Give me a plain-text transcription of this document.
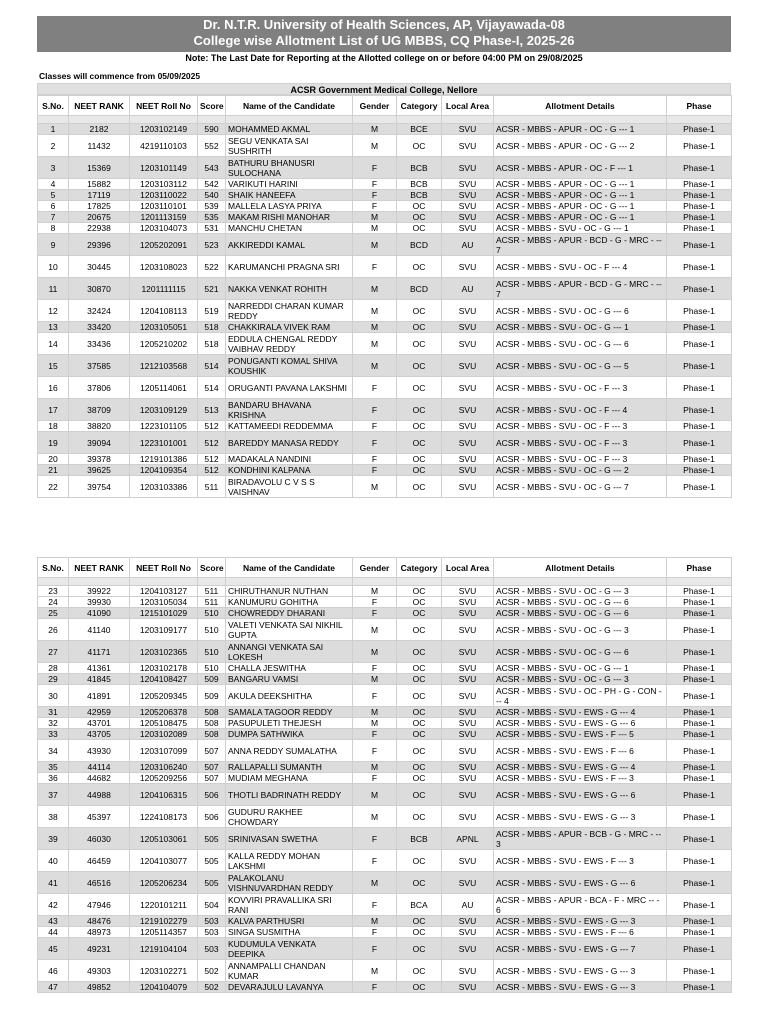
Dr. N.T.R. University of Health Sciences, AP, Vijayawada-08
College wise Allotment List of UG MBBS, CQ Phase-I, 2025-26
Note: The Last Date for Reporting at the Allotted college on or before 04:00 PM on 29/08/2025
Classes will commence from 05/09/2025
ACSR Government Medical College, Nellore
S.No.	NEET RANK	NEET Roll No	Score	Name of the Candidate	Gender	Category	Local Area	Allotment Details	Phase

1	2182	1203102149	590	MOHAMMED AKMAL	M	BCE	SVU	ACSR - MBBS - APUR - OC - G --- 1	Phase-1
2	11432	4219110103	552	SEGU VENKATA SAI SUSHRITH	M	OC	SVU	ACSR - MBBS - APUR - OC - G --- 2	Phase-1
3	15369	1203101149	543	BATHURU BHANUSRI SULOCHANA	F	BCB	SVU	ACSR - MBBS - APUR - OC - F --- 1	Phase-1
4	15882	1203103112	542	VARIKUTI HARINI	F	BCB	SVU	ACSR - MBBS - APUR - OC - G --- 1	Phase-1
5	17119	1203110022	540	SHAIK HANEEFA	F	BCB	SVU	ACSR - MBBS - APUR - OC - G --- 1	Phase-1
6	17825	1203110101	539	MALLELA LASYA PRIYA	F	OC	SVU	ACSR - MBBS - APUR - OC - G --- 1	Phase-1
7	20675	1201113159	535	MAKAM RISHI MANOHAR	M	OC	SVU	ACSR - MBBS - APUR - OC - G --- 1	Phase-1
8	22938	1203104073	531	MANCHU CHETAN	M	OC	SVU	ACSR - MBBS - SVU - OC - G --- 1	Phase-1
9	29396	1205202091	523	AKKIREDDI KAMAL	M	BCD	AU	ACSR - MBBS - APUR - BCD - G - MRC - -- 7	Phase-1
10	30445	1203108023	522	KARUMANCHI PRAGNA SRI	F	OC	SVU	ACSR - MBBS - SVU - OC - F --- 4	Phase-1
11	30870	1201111115	521	NAKKA VENKAT ROHITH	M	BCD	AU	ACSR - MBBS - APUR - BCD - G - MRC - -- 7	Phase-1
12	32424	1204108113	519	NARREDDI CHARAN KUMAR REDDY	M	OC	SVU	ACSR - MBBS - SVU - OC - G --- 6	Phase-1
13	33420	1203105051	518	CHAKKIRALA VIVEK RAM	M	OC	SVU	ACSR - MBBS - SVU - OC - G --- 1	Phase-1
14	33436	1205210202	518	EDDULA CHENGAL REDDY VAIBHAV REDDY	M	OC	SVU	ACSR - MBBS - SVU - OC - G --- 6	Phase-1
15	37585	1212103568	514	PONUGANTI KOMAL SHIVA KOUSHIK	M	OC	SVU	ACSR - MBBS - SVU - OC - G --- 5	Phase-1
16	37806	1205114061	514	ORUGANTI PAVANA LAKSHMI	F	OC	SVU	ACSR - MBBS - SVU - OC - F --- 3	Phase-1
17	38709	1203109129	513	BANDARU BHAVANA KRISHNA	F	OC	SVU	ACSR - MBBS - SVU - OC - F --- 4	Phase-1
18	38820	1223101105	512	KATTAMEEDI REDDEMMA	F	OC	SVU	ACSR - MBBS - SVU - OC - F --- 3	Phase-1
19	39094	1223101001	512	BAREDDY MANASA REDDY	F	OC	SVU	ACSR - MBBS - SVU - OC - F --- 3	Phase-1
20	39378	1219101386	512	MADAKALA NANDINI	F	OC	SVU	ACSR - MBBS - SVU - OC - F --- 3	Phase-1
21	39625	1204109354	512	KONDHINI KALPANA	F	OC	SVU	ACSR - MBBS - SVU - OC - G --- 2	Phase-1
22	39754	1203103386	511	BIRADAVOLU C V S S VAISHNAV	M	OC	SVU	ACSR - MBBS - SVU - OC - G --- 7	Phase-1
S.No.	NEET RANK	NEET Roll No	Score	Name of the Candidate	Gender	Category	Local Area	Allotment Details	Phase

23	39922	1204103127	511	CHIRUTHANUR NUTHAN	M	OC	SVU	ACSR - MBBS - SVU - OC - G --- 3	Phase-1
24	39930	1203105034	511	KANUMURU GOHITHA	F	OC	SVU	ACSR - MBBS - SVU - OC - G --- 6	Phase-1
25	41090	1215101029	510	CHOWREDDY DHARANI	F	OC	SVU	ACSR - MBBS - SVU - OC - G --- 6	Phase-1
26	41140	1203109177	510	VALETI VENKATA SAI NIKHIL GUPTA	M	OC	SVU	ACSR - MBBS - SVU - OC - G --- 3	Phase-1
27	41171	1203102365	510	ANNANGI VENKATA SAI LOKESH	M	OC	SVU	ACSR - MBBS - SVU - OC - G --- 6	Phase-1
28	41361	1203102178	510	CHALLA JESWITHA	F	OC	SVU	ACSR - MBBS - SVU - OC - G --- 1	Phase-1
29	41845	1204108427	509	BANGARU VAMSI	M	OC	SVU	ACSR - MBBS - SVU - OC - G --- 3	Phase-1
30	41891	1205209345	509	AKULA DEEKSHITHA	F	OC	SVU	ACSR - MBBS - SVU - OC - PH - G - CON --- 4	Phase-1
31	42959	1205206378	508	SAMALA TAGOOR REDDY	M	OC	SVU	ACSR - MBBS - SVU - EWS - G --- 4	Phase-1
32	43701	1205108475	508	PASUPULETI THEJESH	M	OC	SVU	ACSR - MBBS - SVU - EWS - G --- 6	Phase-1
33	43705	1203102089	508	DUMPA SATHWIKA	F	OC	SVU	ACSR - MBBS - SVU - EWS - F --- 5	Phase-1
34	43930	1203107099	507	ANNA REDDY SUMALATHA	F	OC	SVU	ACSR - MBBS - SVU - EWS - F --- 6	Phase-1
35	44114	1203106240	507	RALLAPALLI SUMANTH	M	OC	SVU	ACSR - MBBS - SVU - EWS - G --- 4	Phase-1
36	44682	1205209256	507	MUDIAM MEGHANA	F	OC	SVU	ACSR - MBBS - SVU - EWS - F --- 3	Phase-1
37	44988	1204106315	506	THOTLI BADRINATH REDDY	M	OC	SVU	ACSR - MBBS - SVU - EWS - G --- 6	Phase-1
38	45397	1224108173	506	GUDURU RAKHEE CHOWDARY	M	OC	SVU	ACSR - MBBS - SVU - EWS - G --- 3	Phase-1
39	46030	1205103061	505	SRINIVASAN SWETHA	F	BCB	APNL	ACSR - MBBS - APUR - BCB - G - MRC - -- 3	Phase-1
40	46459	1204103077	505	KALLA REDDY MOHAN LAKSHMI	F	OC	SVU	ACSR - MBBS - SVU - EWS - F --- 3	Phase-1
41	46516	1205206234	505	PALAKOLANU VISHNUVARDHAN REDDY	M	OC	SVU	ACSR - MBBS - SVU - EWS - G --- 6	Phase-1
42	47946	1220101211	504	KOVVIRI PRAVALLIKA SRI RANI	F	BCA	AU	ACSR - MBBS - APUR - BCA - F - MRC -- - 6	Phase-1
43	48476	1219102279	503	KALVA PARTHUSRI	M	OC	SVU	ACSR - MBBS - SVU - EWS - G --- 3	Phase-1
44	48973	1205114357	503	SINGA SUSMITHA	F	OC	SVU	ACSR - MBBS - SVU - EWS - F --- 6	Phase-1
45	49231	1219104104	503	KUDUMULA VENKATA DEEPIKA	F	OC	SVU	ACSR - MBBS - SVU - EWS - G --- 7	Phase-1
46	49303	1203102271	502	ANNAMPALLI CHANDAN KUMAR	M	OC	SVU	ACSR - MBBS - SVU - EWS - G --- 3	Phase-1
47	49852	1204104079	502	DEVARAJULU LAVANYA	F	OC	SVU	ACSR - MBBS - SVU - EWS - G --- 3	Phase-1
